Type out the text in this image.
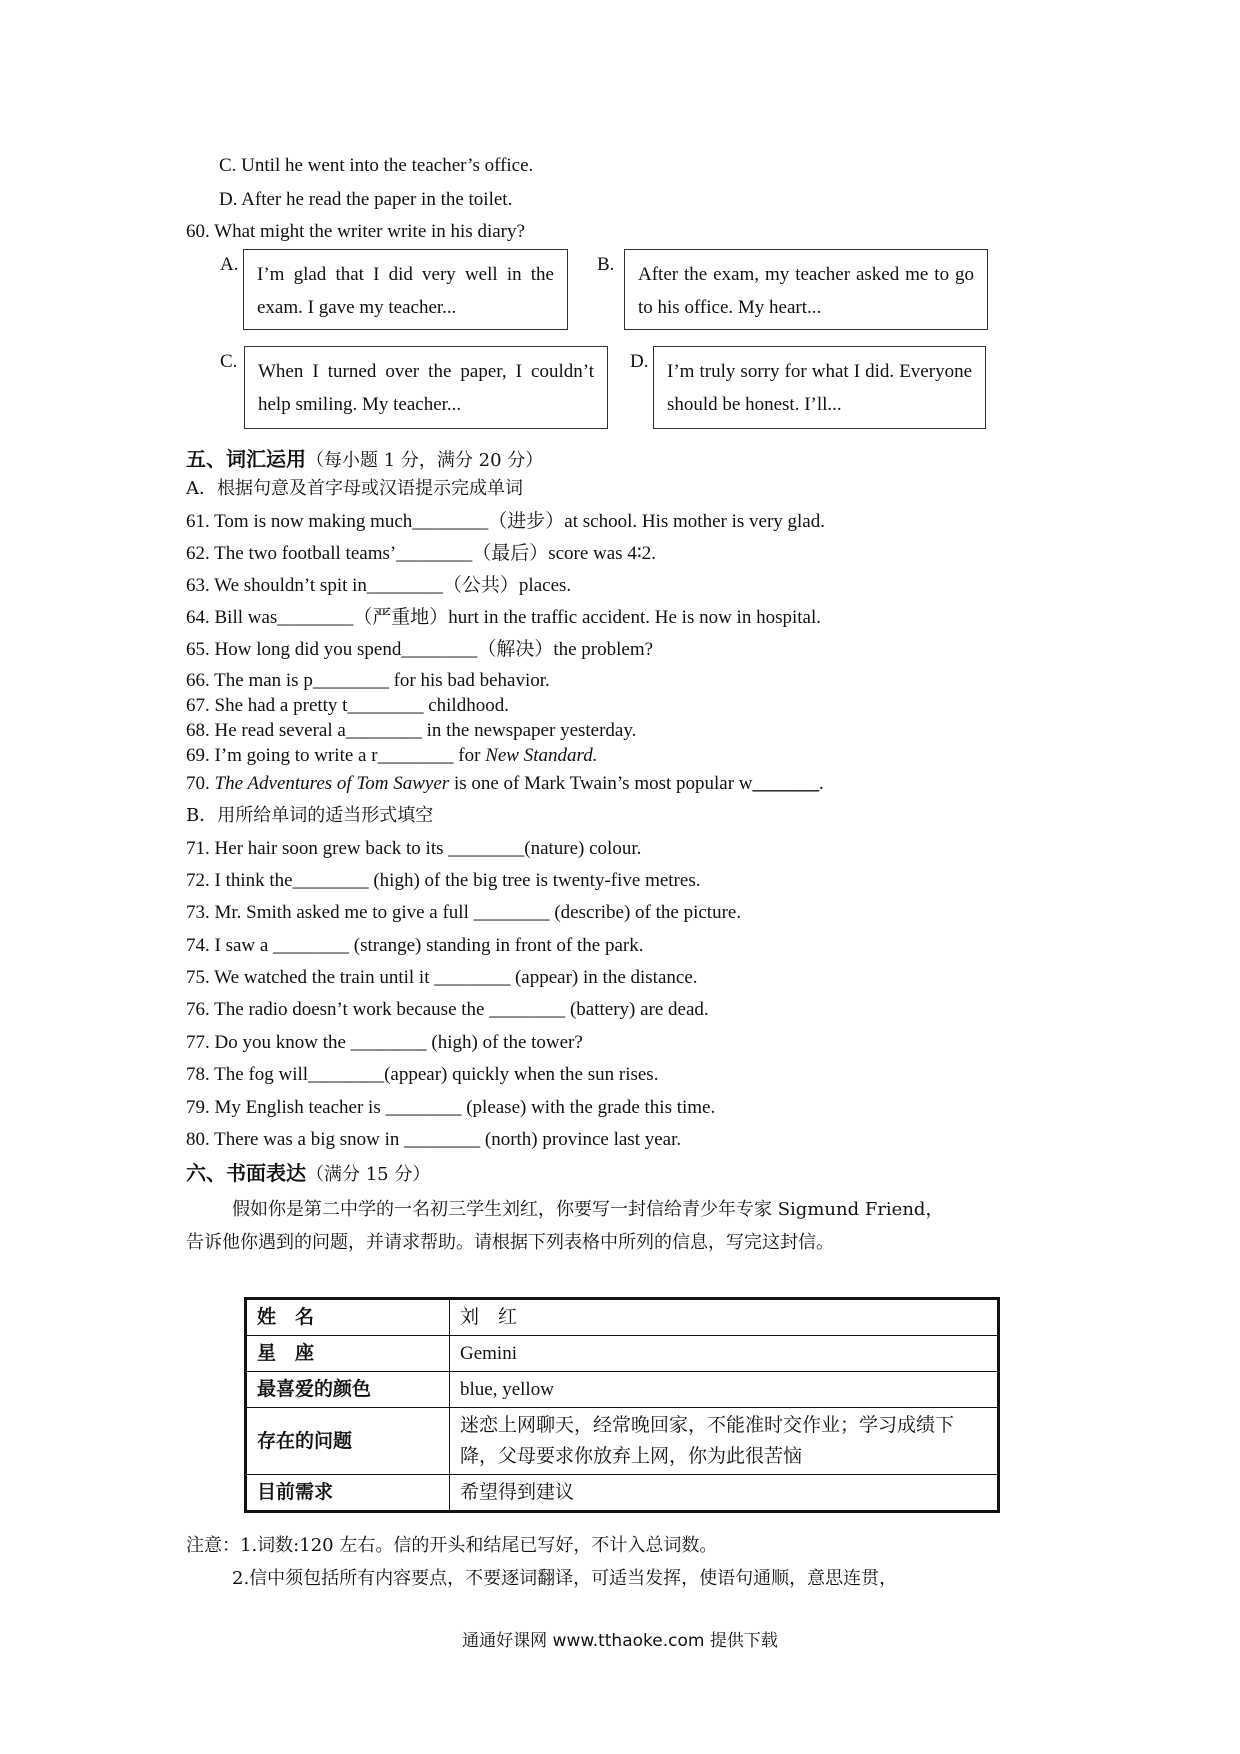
C. Until he went into the teacher’s office.
D. After he read the paper in the toilet.
60. What might the writer write in his diary?
A. I’m glad that I did very well in the exam. I gave my teacher...
B.	After the exam, my teacher asked me to go to his office. My heart...
C.	When I turned over the paper, I couldn’t help smiling. My teacher...
D. I’m truly sorry for what I did. Everyone should be honest. I’ll...
五、词汇运用（每小题 1 分，满分 20 分）
A．根据句意及首字母或汉语提示完成单词
61. Tom is now making much________（进步）at school. His mother is very glad.
62. The two football teams’________（最后）score was 4∶2.
63. We shouldn’t spit in________（公共）places.
64. Bill was________（严重地）hurt in the traffic accident. He is now in hospital.
65. How long did you spend________（解决）the problem?
66. The man is p________ for his bad behavior.
67. She had a pretty t________ childhood.
68. He read several a________ in the newspaper yesterday.
69. I’m going to write a r________ for New Standard.
70. The Adventures of Tom Sawyer is one of Mark Twain’s most popular w_______.
B．用所给单词的适当形式填空
71. Her hair soon grew back to its ________(nature) colour.
72. I think the________ (high) of the big tree is twenty-five metres.
73. Mr. Smith asked me to give a full ________ (describe) of the picture.
74. I saw a ________ (strange) standing in front of the park.
75. We watched the train until it ________ (appear) in the distance.
76. The radio doesn’t work because the ________ (battery) are dead.
77. Do you know the ________ (high) of the tower?
78. The fog will________(appear) quickly when the sun rises.
79. My English teacher is ________ (please) with the grade this time.
80. There was a big snow in ________ (north) province last year.
六、书面表达（满分 15 分）
假如你是第二中学的一名初三学生刘红，你要写一封信给青少年专家 Sigmund Friend，
告诉他你遇到的问题，并请求帮助。请根据下列表格中所列的信息，写完这封信。
姓　名	刘　红
星　座	Gemini
最喜爱的颜色	blue, yellow
存在的问题	迷恋上网聊天，经常晚回家，不能准时交作业；学习成绩下降，父母要求你放弃上网，你为此很苦恼
目前需求	希望得到建议
注意：1.词数:120 左右。信的开头和结尾已写好，不计入总词数。
2.信中须包括所有内容要点，不要逐词翻译，可适当发挥，使语句通顺，意思连贯，
通通好课网 www.tthaoke.com 提供下载
